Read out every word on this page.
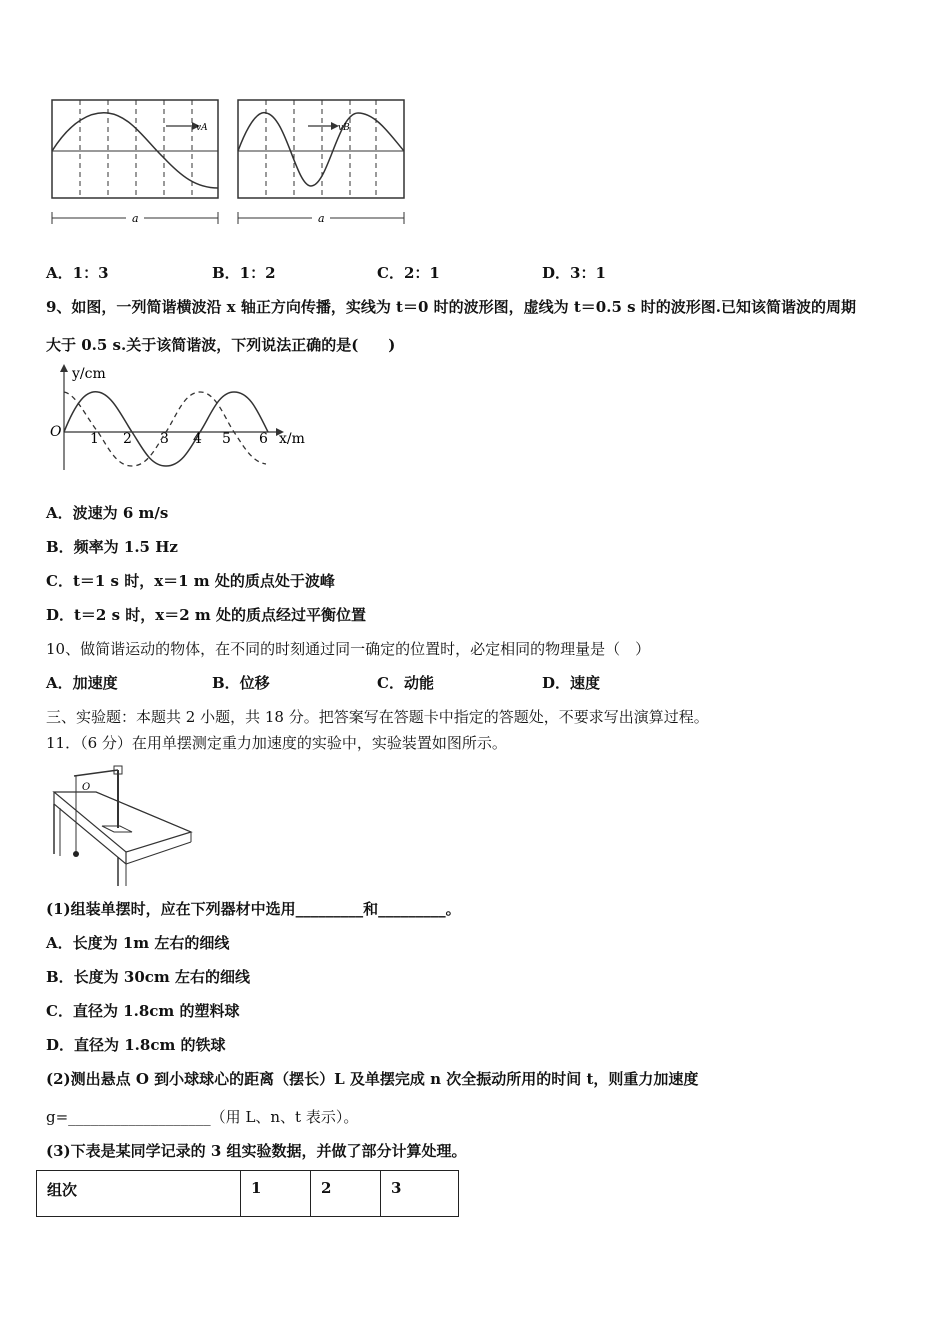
vA	vB
a	a
A．1：3	B．1：2	C．2：1	D．3：1
9、如图，一列简谐横波沿 x 轴正方向传播，实线为 t＝0 时的波形图，虚线为 t＝0.5 s 时的波形图.已知该简谐波的周期
大于 0.5 s.关于该简谐波，下列说法正确的是(　　)
y/cm
x/m
O 1 2 3 4 5 6
A．波速为 6 m/s
B．频率为 1.5 Hz
C．t＝1 s 时，x＝1 m 处的质点处于波峰
D．t＝2 s 时，x＝2 m 处的质点经过平衡位置
10、做简谐运动的物体，在不同的时刻通过同一确定的位置时，必定相同的物理量是（　）
A．加速度	B．位移	C．动能	D．速度
三、实验题：本题共 2 小题，共 18 分。把答案写在答题卡中指定的答题处，不要求写出演算过程。
11．（6 分）在用单摆测定重力加速度的实验中，实验装置如图所示。
O
(1)组装单摆时，应在下列器材中选用_________和_________。
A．长度为 1m 左右的细线
B．长度为 30cm 左右的细线
C．直径为 1.8cm 的塑料球
D．直径为 1.8cm 的铁球
(2)测出悬点 O 到小球球心的距离（摆长）L 及单摆完成 n 次全振动所用的时间 t，则重力加速度
g=___________________（用 L、n、t 表示）。
(3)下表是某同学记录的 3 组实验数据，并做了部分计算处理。
组次	1	2	3
